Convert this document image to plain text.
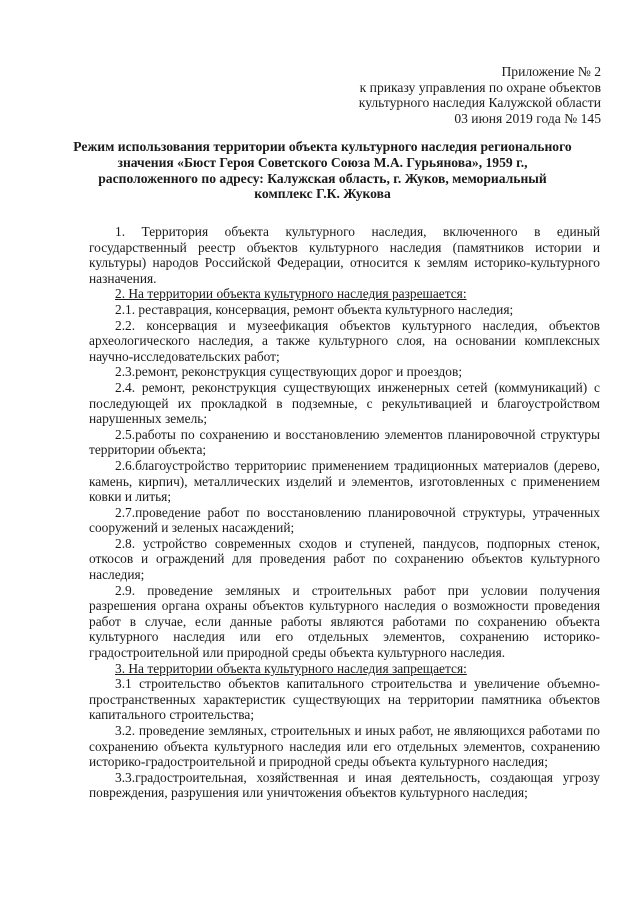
Приложение № 2
к приказу управления по охране объектов
культурного наследия Калужской области
03 июня 2019 года № 145
Режим использования территории объекта культурного наследия регионального
значения «Бюст Героя Советского Союза М.А. Гурьянова», 1959 г.,
расположенного по адресу: Калужская область, г. Жуков, мемориальный
комплекс Г.К. Жукова

1. Территория объекта культурного наследия, включенного в единый государственный реестр объектов культурного наследия (памятников истории и культуры) народов Российской Федерации, относится к землям историко-культурного назначения.

2. На территории объекта культурного наследия разрешается:

2.1. реставрация, консервация, ремонт объекта культурного наследия;

2.2. консервация и музеефикация объектов культурного наследия, объектов археологического наследия, а также культурного слоя, на основании комплексных научно-исследовательских работ;

2.3.ремонт, реконструкция существующих дорог и проездов;

2.4. ремонт, реконструкция существующих инженерных сетей (коммуникаций) с последующей их прокладкой в подземные, с рекультивацией и благоустройством нарушенных земель;

2.5.работы по сохранению и восстановлению элементов планировочной структуры территории объекта;

2.6.благоустройство территориис применением традиционных материалов (дерево, камень, кирпич), металлических изделий и элементов, изготовленных с применением ковки и литья;

2.7.проведение работ по восстановлению планировочной структуры, утраченных сооружений и зеленых насаждений;

2.8. устройство современных сходов и ступеней, пандусов, подпорных стенок, откосов и ограждений для проведения работ по сохранению объектов культурного наследия;

2.9. проведение земляных и строительных работ при условии получения разрешения органа охраны объектов культурного наследия о возможности проведения работ в случае, если данные работы являются работами по сохранению объекта культурного наследия или его отдельных элементов, сохранению историко-градостроительной или природной среды объекта культурного наследия.

3. На территории объекта культурного наследия запрещается:

3.1 строительство объектов капитального строительства и увеличение объемно-пространственных характеристик существующих на территории памятника объектов капитального строительства;

3.2. проведение земляных, строительных и иных работ, не являющихся работами по сохранению объекта культурного наследия или его отдельных элементов, сохранению историко-градостроительной и природной среды объекта культурного наследия;

3.3.градостроительная, хозяйственная и иная деятельность, создающая угрозу повреждения, разрушения или уничтожения объектов культурного наследия;
